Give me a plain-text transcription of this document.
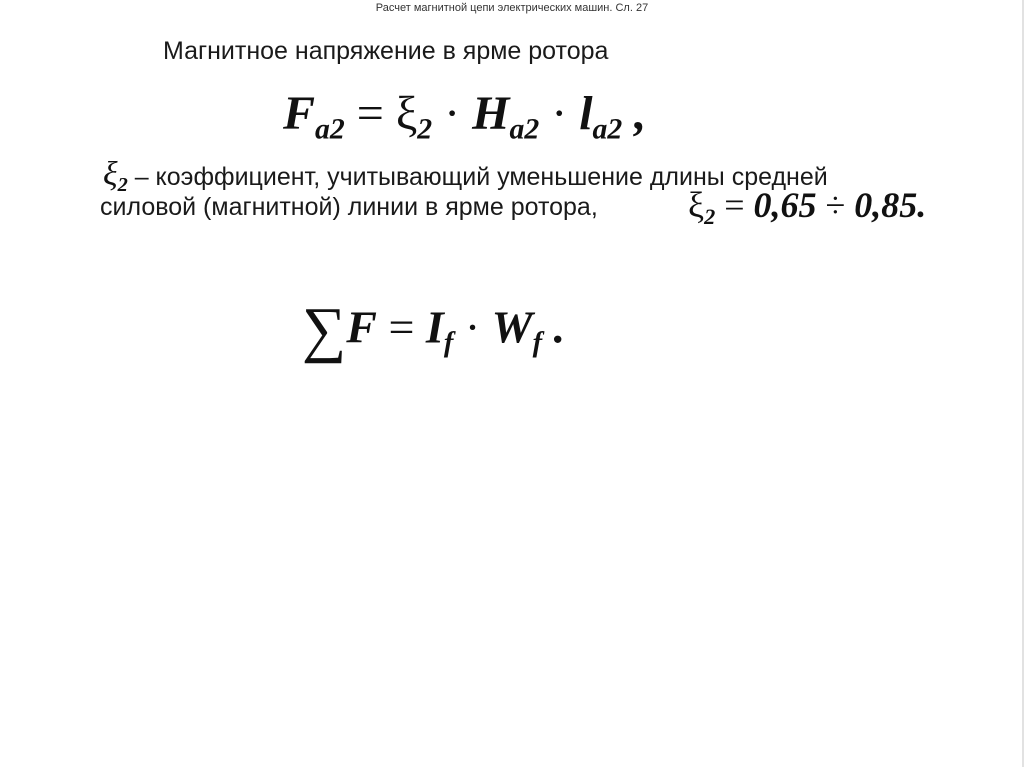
Расчет магнитной цепи электрических машин. Сл. 27
Магнитное напряжение в ярме ротора
$F_{a2} = \xi_2 \cdot H_{a2} \cdot l_{a2}$ ,
$\xi_2$ – коэффициент, учитывающий уменьшение длины средней
силовой (магнитной) линии в ярме ротора,	$\xi_2 = 0,65 \div 0,85$.
$\sum F = I_f \cdot W_f$ .
